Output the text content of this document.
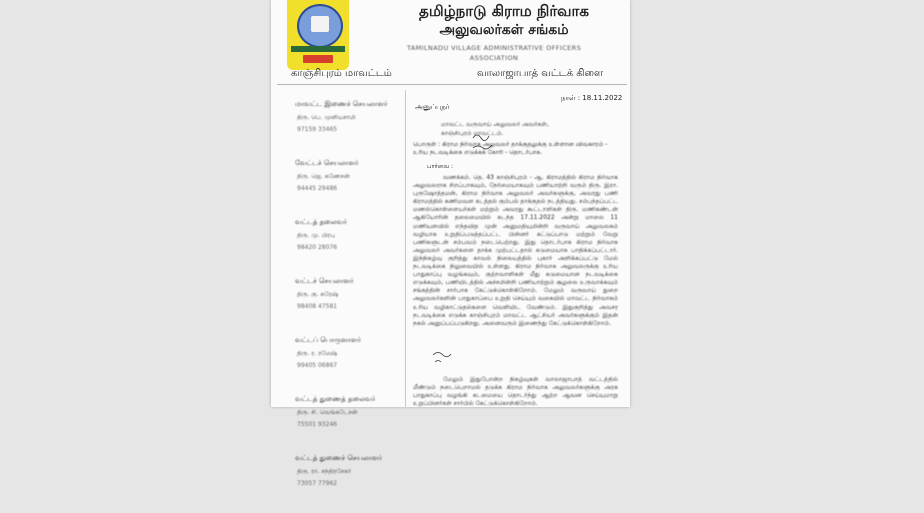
தமிழ்நாடு கிராம நிர்வாக
அலுவலர்கள் சங்கம்
TAMILNADU VILLAGE ADMINISTRATIVE OFFICERS
ASSOCIATION
காஞ்சிபுரம் மாவட்டம்	வாலாஜாபாத் வட்டக் கிளை
மாவட்ட இணைச் செயலாளர்
திரு. பெ. முனியசாமி
97159 33465
வேட்டச் செயலாளர்
திரு. ஜெ. கணேசன்
94445 29486
வட்டத் தலைவர்
திரு. மு. பிரபு
98420 28076
வட்டச் செயலாளர்
திரு. கு. சுரேஷ்
98408 47581
வட்டப் பொருளாளர்
திரு. ர. ரமேஷ்
99405 06867
வட்டத் துணைத் தலைவர்
திரு. சி. வெங்கடேசன்
75501 93246
வட்டத் துணைச் செயலாளர்
திரு. ரா. சந்திரசேகர்
73057 77962
நாள் : 18.11.2022
அனுப்புநர்
மாவட்ட வருவாய் அலுவலர் அவர்கள்,
காஞ்சிபுரம் மாவட்டம்.
பொருள் : கிராம நிர்வாக அலுவலர் தாக்குதலுக்கு உள்ளான விவகாரம் - உரிய நடவடிக்கை எடுக்கக் கோரி - தொடர்பாக.
பார்வை :
வணக்கம். தெ. 43 காஞ்சிபுரம் - ஆ. கிராமத்தில் கிராம நிர்வாக அலுவலராக சிறப்பாகவும், நேர்மையாகவும் பணியாற்றி வரும் திரு. இரா. புருஷோத்தமன், கிராம நிர்வாக அலுவலர் அவர்களுக்கு, அவரது பணி கிராமத்தில் கணிமவள கடத்தல் கும்பல் தாக்குதல் நடத்தியது. சம்பந்தப்பட்ட மணல்கொள்ளையர்கள் மற்றும் அவரது கூட்டாளிகள் திரு. மணிகண்டன் ஆகியோரின் தலைமையில் கடந்த 17.11.2022 அன்று மாலை 11 மணியளவில் எந்தவித முன் அனுமதியுமின்றி வருவாய் அலுவலகம் வழியாக உறுதிப்படுத்தப்பட்ட பின்னர் கட்டுப்பாடு மற்றும் வேறு பணிகளுடன் சம்பவம் நடைபெற்றது. இது தொடர்பாக கிராம நிர்வாக அலுவலர் அவர்களை தாக்க முற்பட்டதால் கடுமையாக பாதிக்கப்பட்டார். இந்நிகழ்வு குறித்து காவல் நிலையத்தில் புகார் அளிக்கப்பட்டு மேல் நடவடிக்கை நிலுவையில் உள்ளது. கிராம நிர்வாக அலுவலருக்கு உரிய பாதுகாப்பு வழங்கவும், குற்றவாளிகள் மீது கடுமையான நடவடிக்கை எடுக்கவும், பணியிடத்தில் அச்சமின்றி பணியாற்றும் சூழலை உருவாக்கவும் சங்கத்தின் சார்பாக கேட்டுக்கொள்கிறோம். மேலும் வருவாய் துறை அலுவலர்களின் பாதுகாப்பை உறுதி செய்யும் வகையில் மாவட்ட நிர்வாகம் உரிய வழிகாட்டுதல்களை வெளியிட வேண்டும். இதுகுறித்து அவசர நடவடிக்கை எடுக்க காஞ்சிபுரம் மாவட்ட ஆட்சியர் அவர்களுக்கும் இதன் நகல் அனுப்பப்படுகிறது. அனைவரும் இணைந்து கேட்டுக்கொள்கிறோம்.
மேலும் இதுபோன்ற நிகழ்வுகள் வாலாஜாபாத் வட்டத்தில் மீண்டும் நடைபெறாமல் தடுக்க கிராம நிர்வாக அலுவலர்களுக்கு அரசு பாதுகாப்பு வழங்கி கடமையை தொடர்ந்து ஆற்ற ஆவன செய்யுமாறு உறுப்பினர்கள் சார்பில் கேட்டுக்கொள்கிறோம்.
